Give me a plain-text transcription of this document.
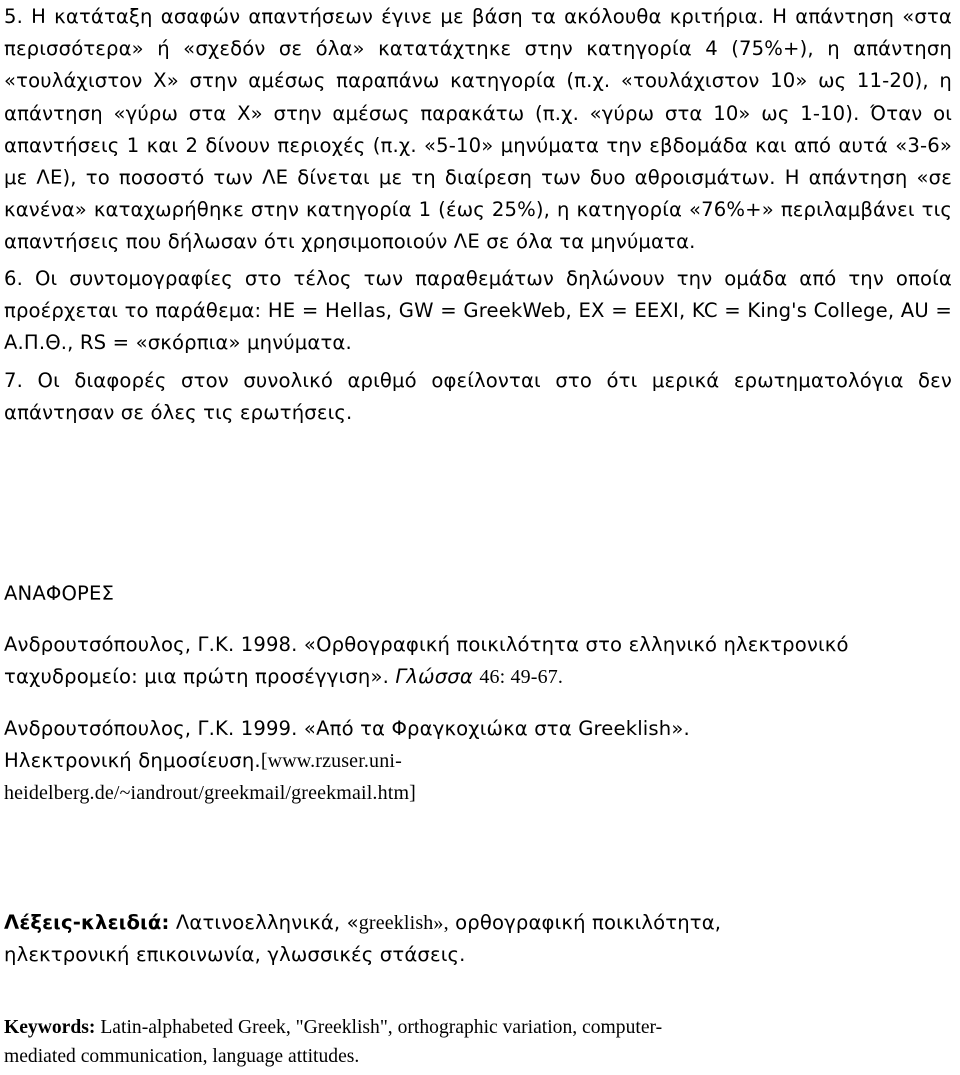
5. Η κατάταξη ασαφών απαντήσεων έγινε με βάση τα ακόλουθα κριτήρια. Η απάντηση «στα περισσότερα» ή «σχεδόν σε όλα» κατατάχτηκε στην κατηγορία 4 (75%+), η απάντηση «τουλάχιστον Χ» στην αμέσως παραπάνω κατηγορία (π.χ. «τουλάχιστον 10» ως 11-20), η απάντηση «γύρω στα Χ» στην αμέσως παρακάτω (π.χ. «γύρω στα 10» ως 1-10). Όταν οι απαντήσεις 1 και 2 δίνουν περιοχές (π.χ. «5-10» μηνύματα την εβδομάδα και από αυτά «3-6» με ΛΕ), το ποσοστό των ΛΕ δίνεται με τη διαίρεση των δυο αθροισμάτων. Η απάντηση «σε κανένα» καταχωρήθηκε στην κατηγορία 1 (έως 25%), η κατηγορία «76%+» περιλαμβάνει τις απαντήσεις που δήλωσαν ότι χρησιμοποιούν ΛΕ σε όλα τα μηνύματα.

6. Οι συντομογραφίες στο τέλος των παραθεμάτων δηλώνουν την ομάδα από την οποία προέρχεται το παράθεμα: HE = Hellas, GW = GreekWeb, EX = EEXI, KC = King's College, AU = Α.Π.Θ., RS = «σκόρπια» μηνύματα.

7. Οι διαφορές στον συνολικό αριθμό οφείλονται στο ότι μερικά ερωτηματολόγια δεν απάντησαν σε όλες τις ερωτήσεις.

ΑΝΑΦΟΡΕΣ

Ανδρουτσόπουλος, Γ.Κ. 1998. «Ορθογραφική ποικιλότητα στο ελληνικό ηλεκτρονικό ταχυδρομείο: μια πρώτη προσέγγιση». Γλώσσα 46: 49-67.

Ανδρουτσόπουλος, Γ.Κ. 1999. «Από τα Φραγκοχιώκα στα Greeklish».
Ηλεκτρονική δημοσίευση.[www.rzuser.uni-
heidelberg.de/~iandrout/greekmail/greekmail.htm]

Λέξεις-κλειδιά: Λατινοελληνικά, «greeklish», ορθογραφική ποικιλότητα,
ηλεκτρονική επικοινωνία, γλωσσικές στάσεις.
Keywords: Latin-alphabeted Greek, "Greeklish", orthographic variation, computer-
mediated communication, language attitudes.
